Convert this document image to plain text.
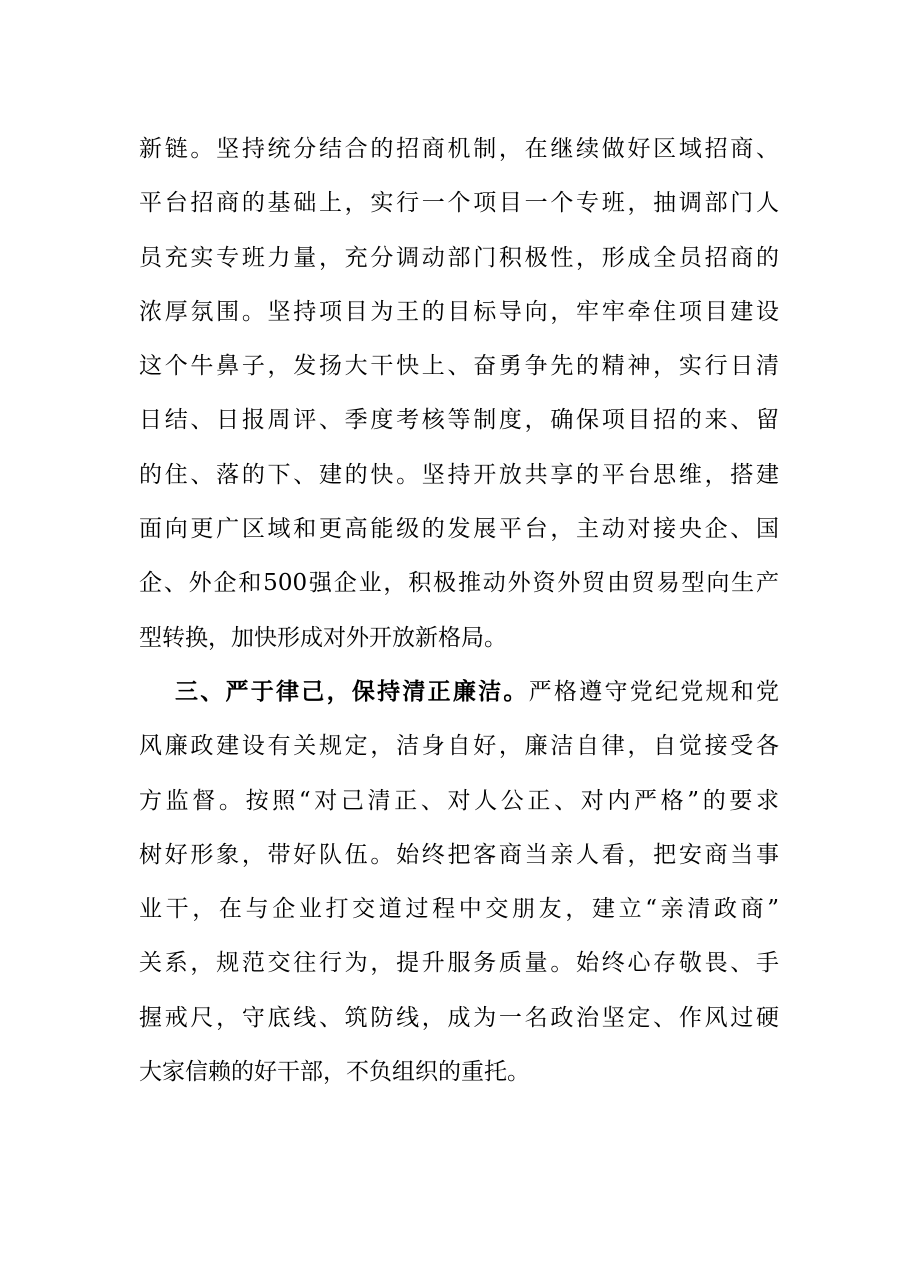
新链。坚持统分结合的招商机制，在继续做好区域招商、
平台招商的基础上，实行一个项目一个专班，抽调部门人
员充实专班力量，充分调动部门积极性，形成全员招商的
浓厚氛围。坚持项目为王的目标导向，牢牢牵住项目建设
这个牛鼻子，发扬大干快上、奋勇争先的精神，实行日清
日结、日报周评、季度考核等制度，确保项目招的来、留
的住、落的下、建的快。坚持开放共享的平台思维，搭建
面向更广区域和更高能级的发展平台，主动对接央企、国
企、外企和500强企业，积极推动外资外贸由贸易型向生产
型转换，加快形成对外开放新格局。
三、严于律己，保持清正廉洁。严格遵守党纪党规和党
风廉政建设有关规定，洁身自好，廉洁自律，自觉接受各
方监督。按照“对己清正、对人公正、对内严格”的要求
树好形象，带好队伍。始终把客商当亲人看，把安商当事
业干，在与企业打交道过程中交朋友，建立“亲清政商”
关系，规范交往行为，提升服务质量。始终心存敬畏、手
握戒尺，守底线、筑防线，成为一名政治坚定、作风过硬
大家信赖的好干部，不负组织的重托。
